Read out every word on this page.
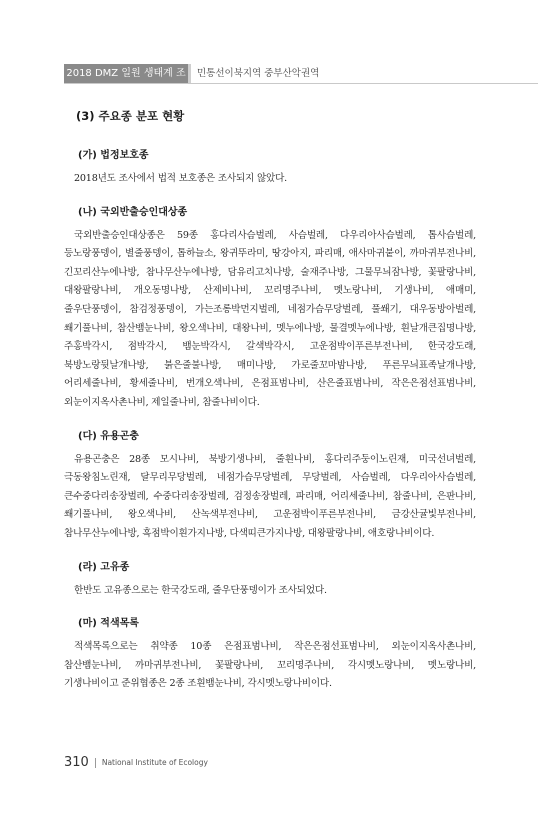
2018 DMZ 일원 생태계 조사
민통선이북지역 중부산악권역
(3) 주요종 분포 현황
(가) 법정보호종

2018년도 조사에서 법적 보호종은 조사되지 않았다.

(나) 국외반출승인대상종

국외반출승인대상종은 59종 홍다리사슴벌레, 사슴벌레, 다우리아사슴벌레, 톱사슴벌레, 등노랑풍뎅이, 별줄풍뎅이, 톱하늘소, 왕귀뚜라미, 땅강아지, 파리매, 애사마귀붙이, 까마귀부전나비, 긴꼬리산누에나방, 참나무산누에나방, 담유리고치나방, 술재주나방, 그물무늬잠나방, 꽃팔랑나비, 대왕팔랑나비, 개오동명나방, 산제비나비, 꼬리명주나비, 멧노랑나비, 기생나비, 애매미, 줄우단풍뎅이, 참검정풍뎅이, 가는조롱박먼지벌레, 네점가슴무당벌레, 풀쐐기, 대우동방아벌레, 쐐기풀나비, 참산뱀눈나비, 왕오색나비, 대왕나비, 멧누에나방, 물결멧누에나방, 흰날개큰집명나방, 주홍박각시, 점박각시, 뱀눈박각시, 갈색박각시, 고운점박이푸른부전나비, 한국강도래, 북방노랑뒷날개나방, 붉은줄불나방, 매미나방, 가로줄꼬마밤나방, 푸른무늬표족날개나방, 어리세줄나비, 황세줄나비, 번개오색나비, 은점표범나비, 산은줄표범나비, 작은은점선표범나비, 외눈이지옥사촌나비, 제일줄나비, 참줄나비이다.

(다) 유용곤충

유용곤충은 28종 모시나비, 북방기생나비, 줄흰나비, 홍다리주둥이노린재, 미국선녀벌레, 극동왕침노린재, 달무리무당벌레, 네점가슴무당벌레, 무당벌레, 사슴벌레, 다우리아사슴벌레, 큰수중다리송장벌레, 수중다리송장벌레, 검정송장벌레, 파리매, 어리세줄나비, 참줄나비, 은판나비, 쐐기풀나비, 왕오색나비, 산녹색부전나비, 고운점박이푸른부전나비, 금강산귤빛부전나비, 참나무산누에나방, 흑점박이흰가지나방, 다색띠큰가지나방, 대왕팔랑나비, 애호랑나비이다.

(라) 고유종

한반도 고유종으로는 한국강도래, 줄우단풍뎅이가 조사되었다.

(마) 적색목록

적색목록으로는 취약종 10종 은점표범나비, 작은은점선표범나비, 외눈이지옥사촌나비, 참산뱀눈나비, 까마귀부전나비, 꽃팔랑나비, 꼬리명주나비, 각시멧노랑나비, 멧노랑나비, 기생나비이고 준위협종은 2종 조흰뱀눈나비, 각시멧노랑나비이다.

310 National Institute of Ecology
